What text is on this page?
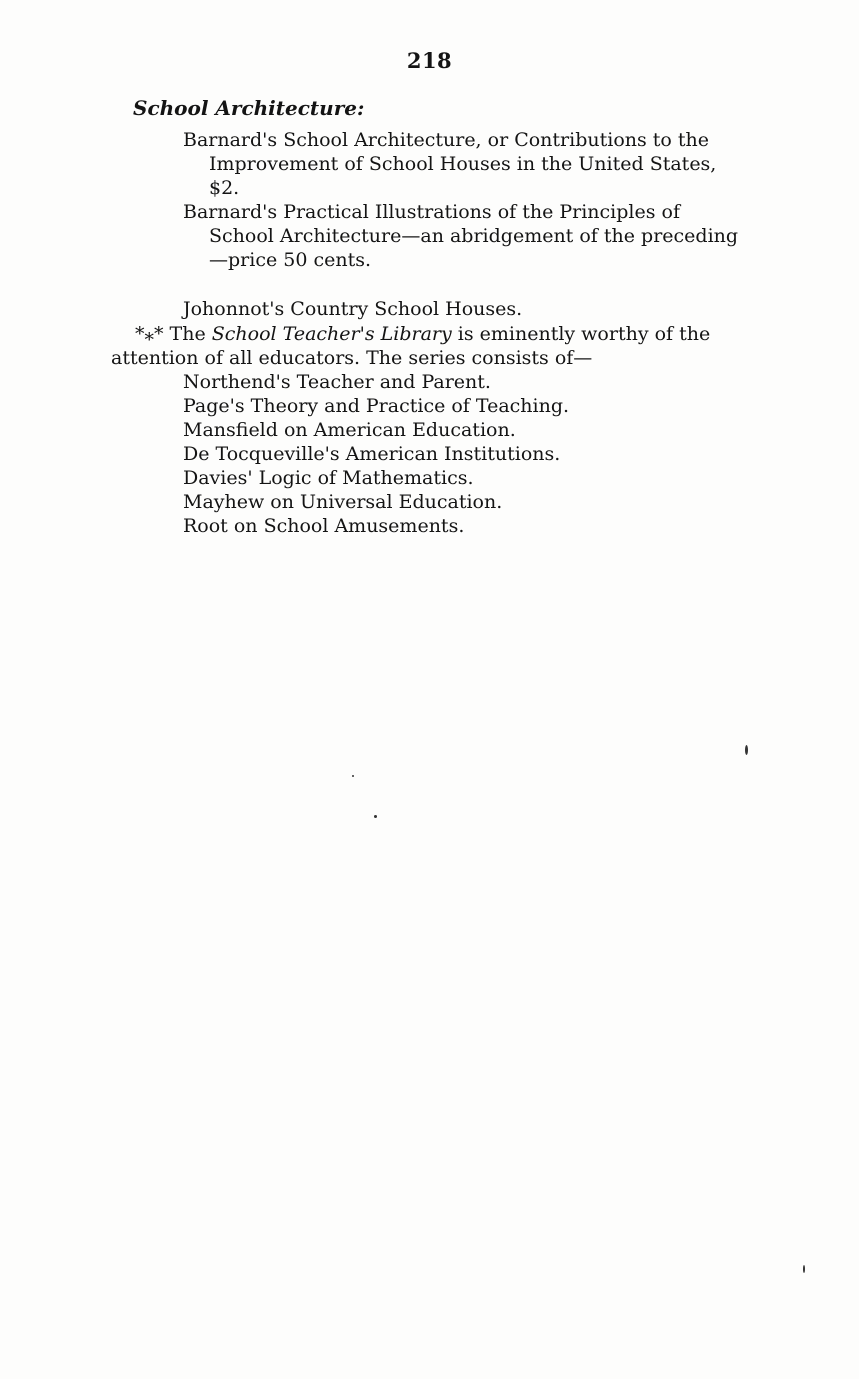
218
School Architecture:
Barnard's School Architecture, or Contributions to the
Improvement of School Houses in the United States,
$2.
Barnard's Practical Illustrations of the Principles of
School Architecture—an abridgement of the preceding
—price 50 cents.
Johonnot's Country School Houses.
*⁎* The School Teacher's Library is eminently worthy of the
attention of all educators. The series consists of—
Northend's Teacher and Parent.
Page's Theory and Practice of Teaching.
Mansfield on American Education.
De Tocqueville's American Institutions.
Davies' Logic of Mathematics.
Mayhew on Universal Education.
Root on School Amusements.
